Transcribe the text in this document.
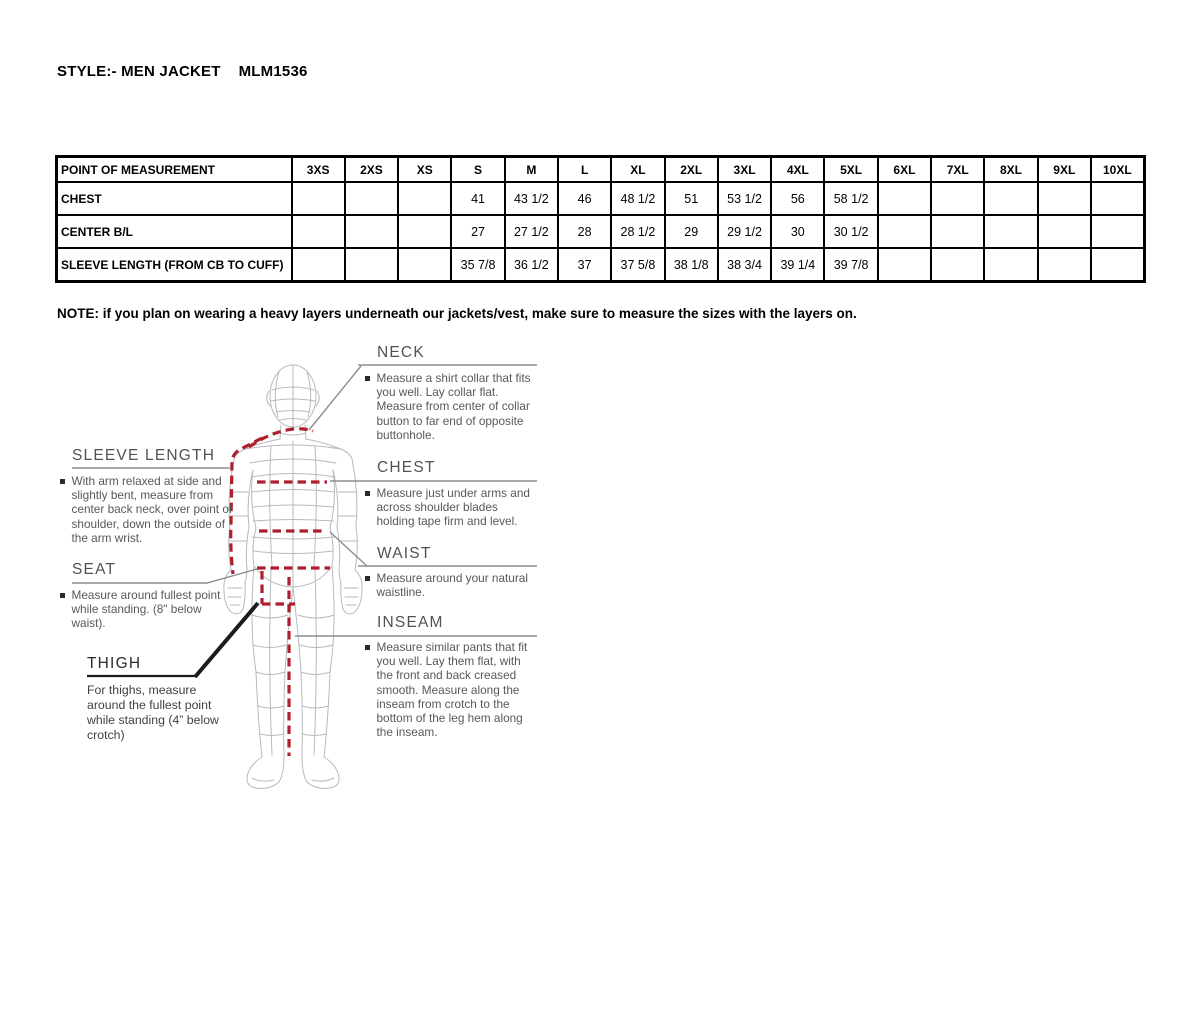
STYLE:- MEN JACKET MLM1536
POINT OF MEASUREMENT	3XS	2XS	XS	S	M	L	XL	2XL	3XL	4XL	5XL	6XL	7XL	8XL	9XL	10XL
CHEST				41	43 1/2	46	48 1/2	51	53 1/2	56	58 1/2					
CENTER B/L				27	27 1/2	28	28 1/2	29	29 1/2	30	30 1/2					
SLEEVE LENGTH (FROM CB TO CUFF)				35 7/8	36 1/2	37	37 5/8	38 1/8	38 3/4	39 1/4	39 7/8					
NOTE: if you plan on wearing a heavy layers underneath our jackets/vest, make sure to measure the sizes with the layers on.
SLEEVE LENGTH
With arm relaxed at side and slightly bent, measure from center back neck, over point of shoulder, down the outside of the arm wrist.
SEAT
Measure around fullest point while standing. (8" below waist).
THIGH
For thighs, measure around the fullest point while standing (4” below crotch)
NECK
Measure a shirt collar that fits you well. Lay collar flat. Measure from center of collar button to far end of opposite buttonhole.
CHEST
Measure just under arms and across shoulder blades holding tape firm and level.
WAIST
Measure around your natural waistline.
INSEAM
Measure similar pants that fit you well. Lay them flat, with the front and back creased smooth. Measure along the inseam from crotch to the bottom of the leg hem along the inseam.
